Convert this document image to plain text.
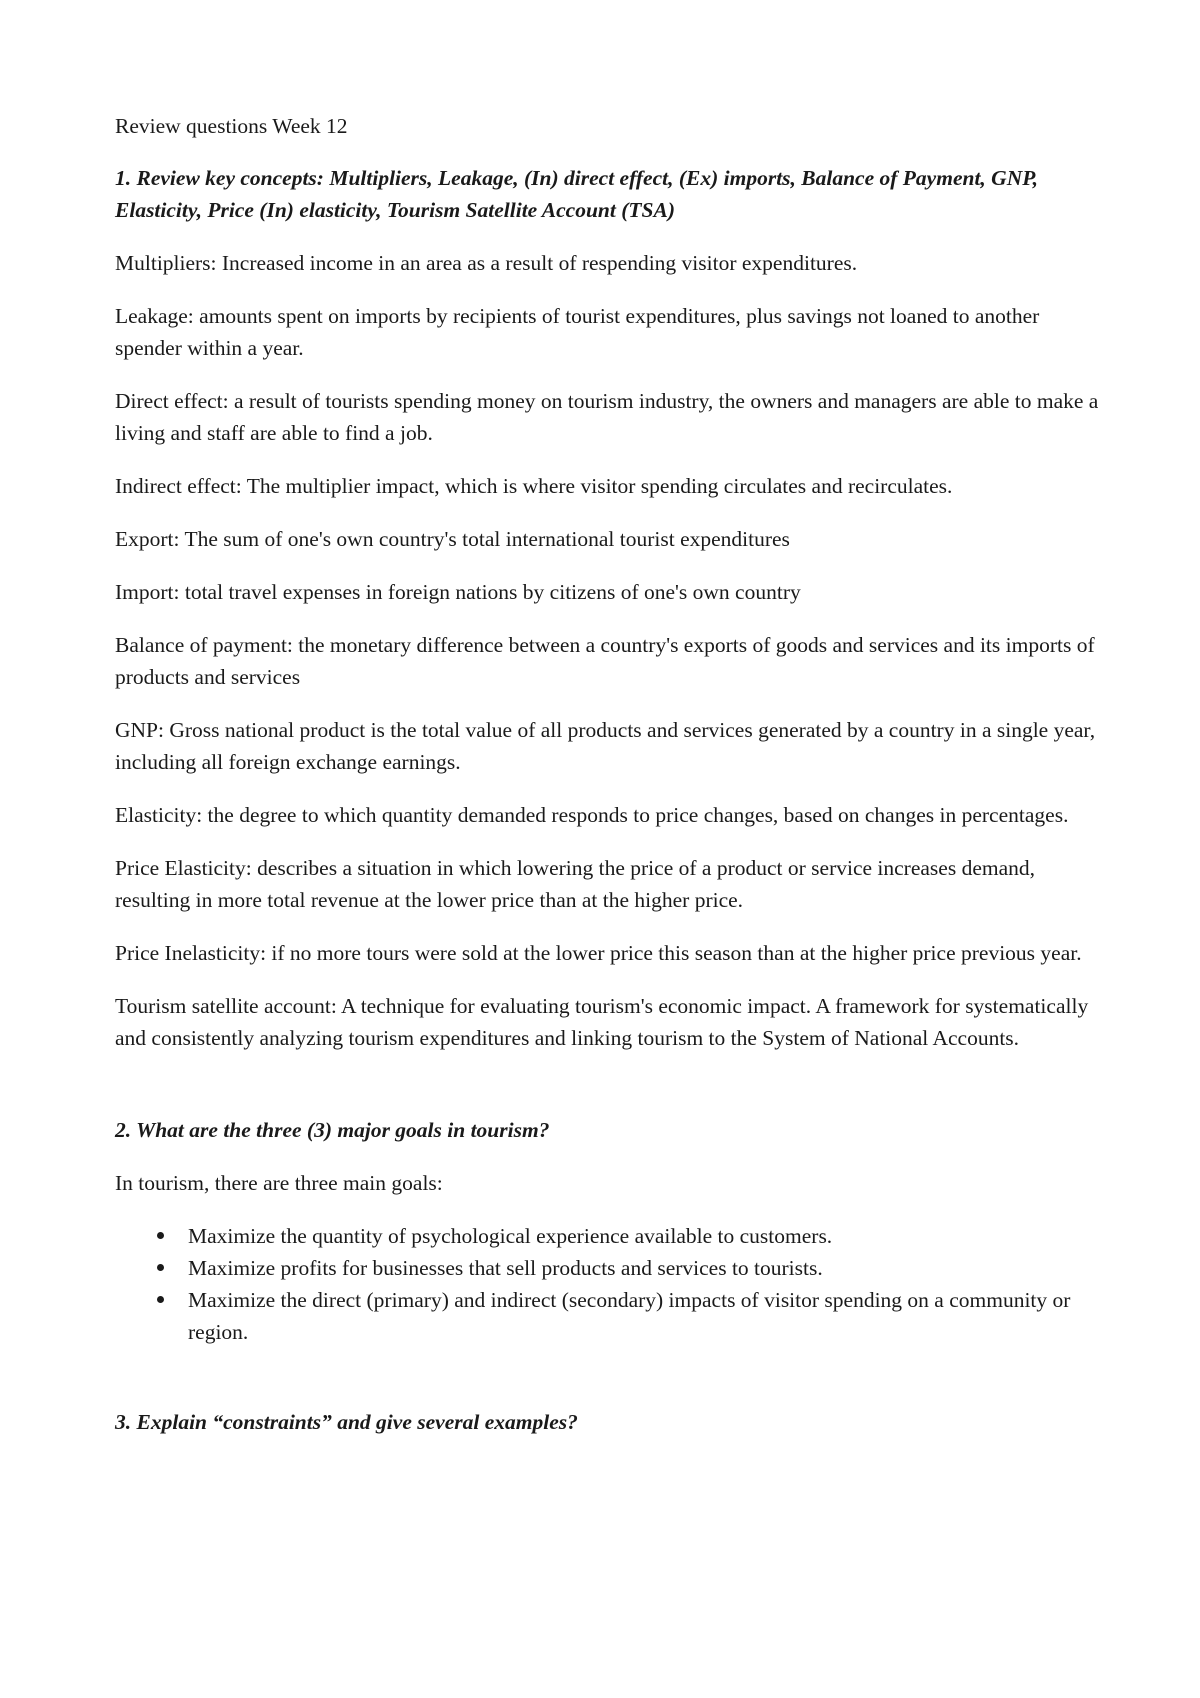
Review questions Week 12

1. Review key concepts: Multipliers, Leakage, (In) direct effect, (Ex) imports, Balance of Payment, GNP, Elasticity, Price (In) elasticity, Tourism Satellite Account (TSA)

Multipliers: Increased income in an area as a result of respending visitor expenditures.

Leakage: amounts spent on imports by recipients of tourist expenditures, plus savings not loaned to another spender within a year.

Direct effect: a result of tourists spending money on tourism industry, the owners and managers are able to make a living and staff are able to find a job.

Indirect effect: The multiplier impact, which is where visitor spending circulates and recirculates.

Export: The sum of one's own country's total international tourist expenditures

Import: total travel expenses in foreign nations by citizens of one's own country

Balance of payment: the monetary difference between a country's exports of goods and services and its imports of products and services

GNP: Gross national product is the total value of all products and services generated by a country in a single year, including all foreign exchange earnings.

Elasticity: the degree to which quantity demanded responds to price changes, based on changes in percentages.

Price Elasticity: describes a situation in which lowering the price of a product or service increases demand, resulting in more total revenue at the lower price than at the higher price.

Price Inelasticity: if no more tours were sold at the lower price this season than at the higher price previous year.

Tourism satellite account: A technique for evaluating tourism's economic impact. A framework for systematically and consistently analyzing tourism expenditures and linking tourism to the System of National Accounts.

2. What are the three (3) major goals in tourism?

In tourism, there are three main goals:

Maximize the quantity of psychological experience available to customers.
Maximize profits for businesses that sell products and services to tourists.
Maximize the direct (primary) and indirect (secondary) impacts of visitor spending on a community or region.

3. Explain “constraints” and give several examples?
